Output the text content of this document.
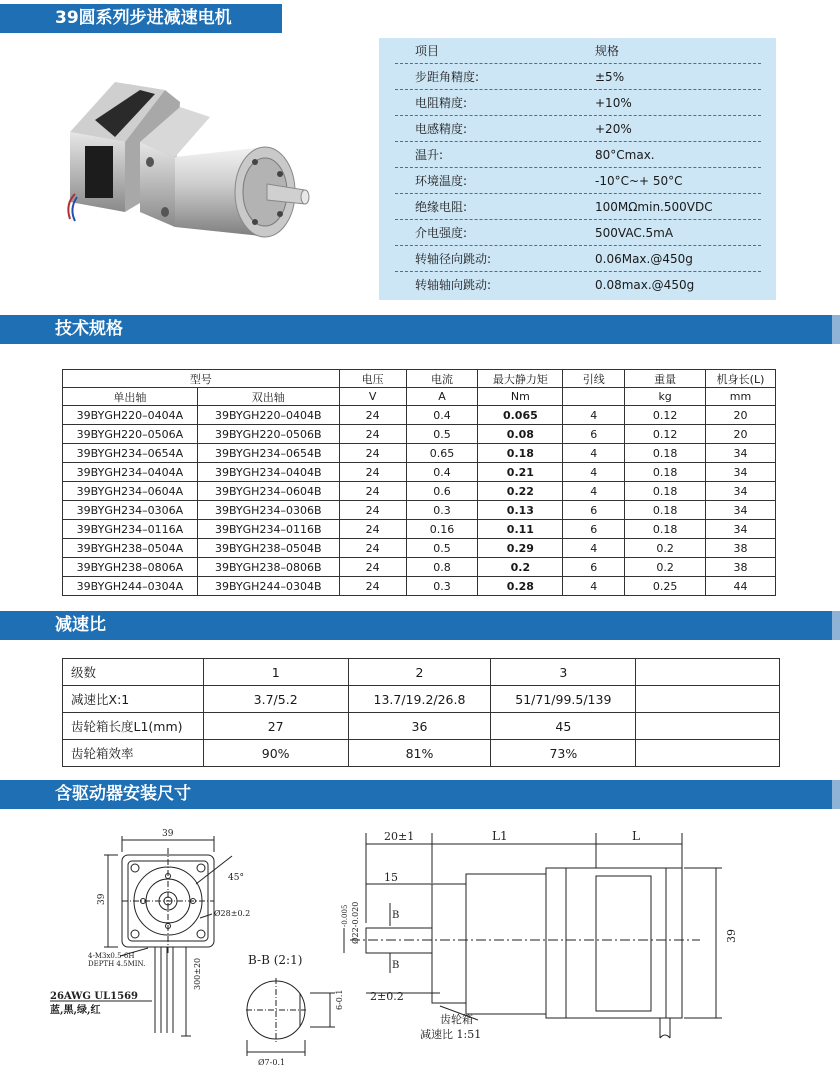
39圆系列步进减速电机
项目	规格
步距角精度:	±5%
电阻精度:	+10%
电感精度:	+20%
温升:	80°Cmax.
环境温度:	-10°C~+ 50°C
绝缘电阻:	100MΩmin.500VDC
介电强度:	500VAC.5mA
转轴径向跳动:	0.06Max.@450g
转轴轴向跳动:	0.08max.@450g
技术规格
型号		电压	电流	最大静力矩	引线	重量	机身长(L)
单出轴	双出轴	V	A	Nm		kg	mm
39BYGH220–0404A	39BYGH220–0404B	24	0.4	0.065	4	0.12	20
39BYGH220–0506A	39BYGH220–0506B	24	0.5	0.08	6	0.12	20
39BYGH234–0654A	39BYGH234–0654B	24	0.65	0.18	4	0.18	34
39BYGH234–0404A	39BYGH234–0404B	24	0.4	0.21	4	0.18	34
39BYGH234–0604A	39BYGH234–0604B	24	0.6	0.22	4	0.18	34
39BYGH234–0306A	39BYGH234–0306B	24	0.3	0.13	6	0.18	34
39BYGH234–0116A	39BYGH234–0116B	24	0.16	0.11	6	0.18	34
39BYGH238–0504A	39BYGH238–0504B	24	0.5	0.29	4	0.2	38
39BYGH238–0806A	39BYGH238–0806B	24	0.8	0.2	6	0.2	38
39BYGH244–0304A	39BYGH244–0304B	24	0.3	0.28	4	0.25	44
减速比
级数	1	2	3	
减速比X:1	3.7/5.2	13.7/19.2/26.8	51/71/99.5/139	
齿轮箱长度L1(mm)	27	36	45	
齿轮箱效率	90%	81%	73%	
含驱动器安装尺寸
39
39
45°
Ø28±0.2
4-M3x0.5-6H
DEPTH 4.5MIN.	300±20
26AWG UL1569
蓝,黑,绿,红
B-B (2:1)
6-0.1
Ø7-0.1
20±1	L1	L
15
B
B
Ø22-0.020
-0.005
2±0.2
39
齿轮箱
减速比 1:51
